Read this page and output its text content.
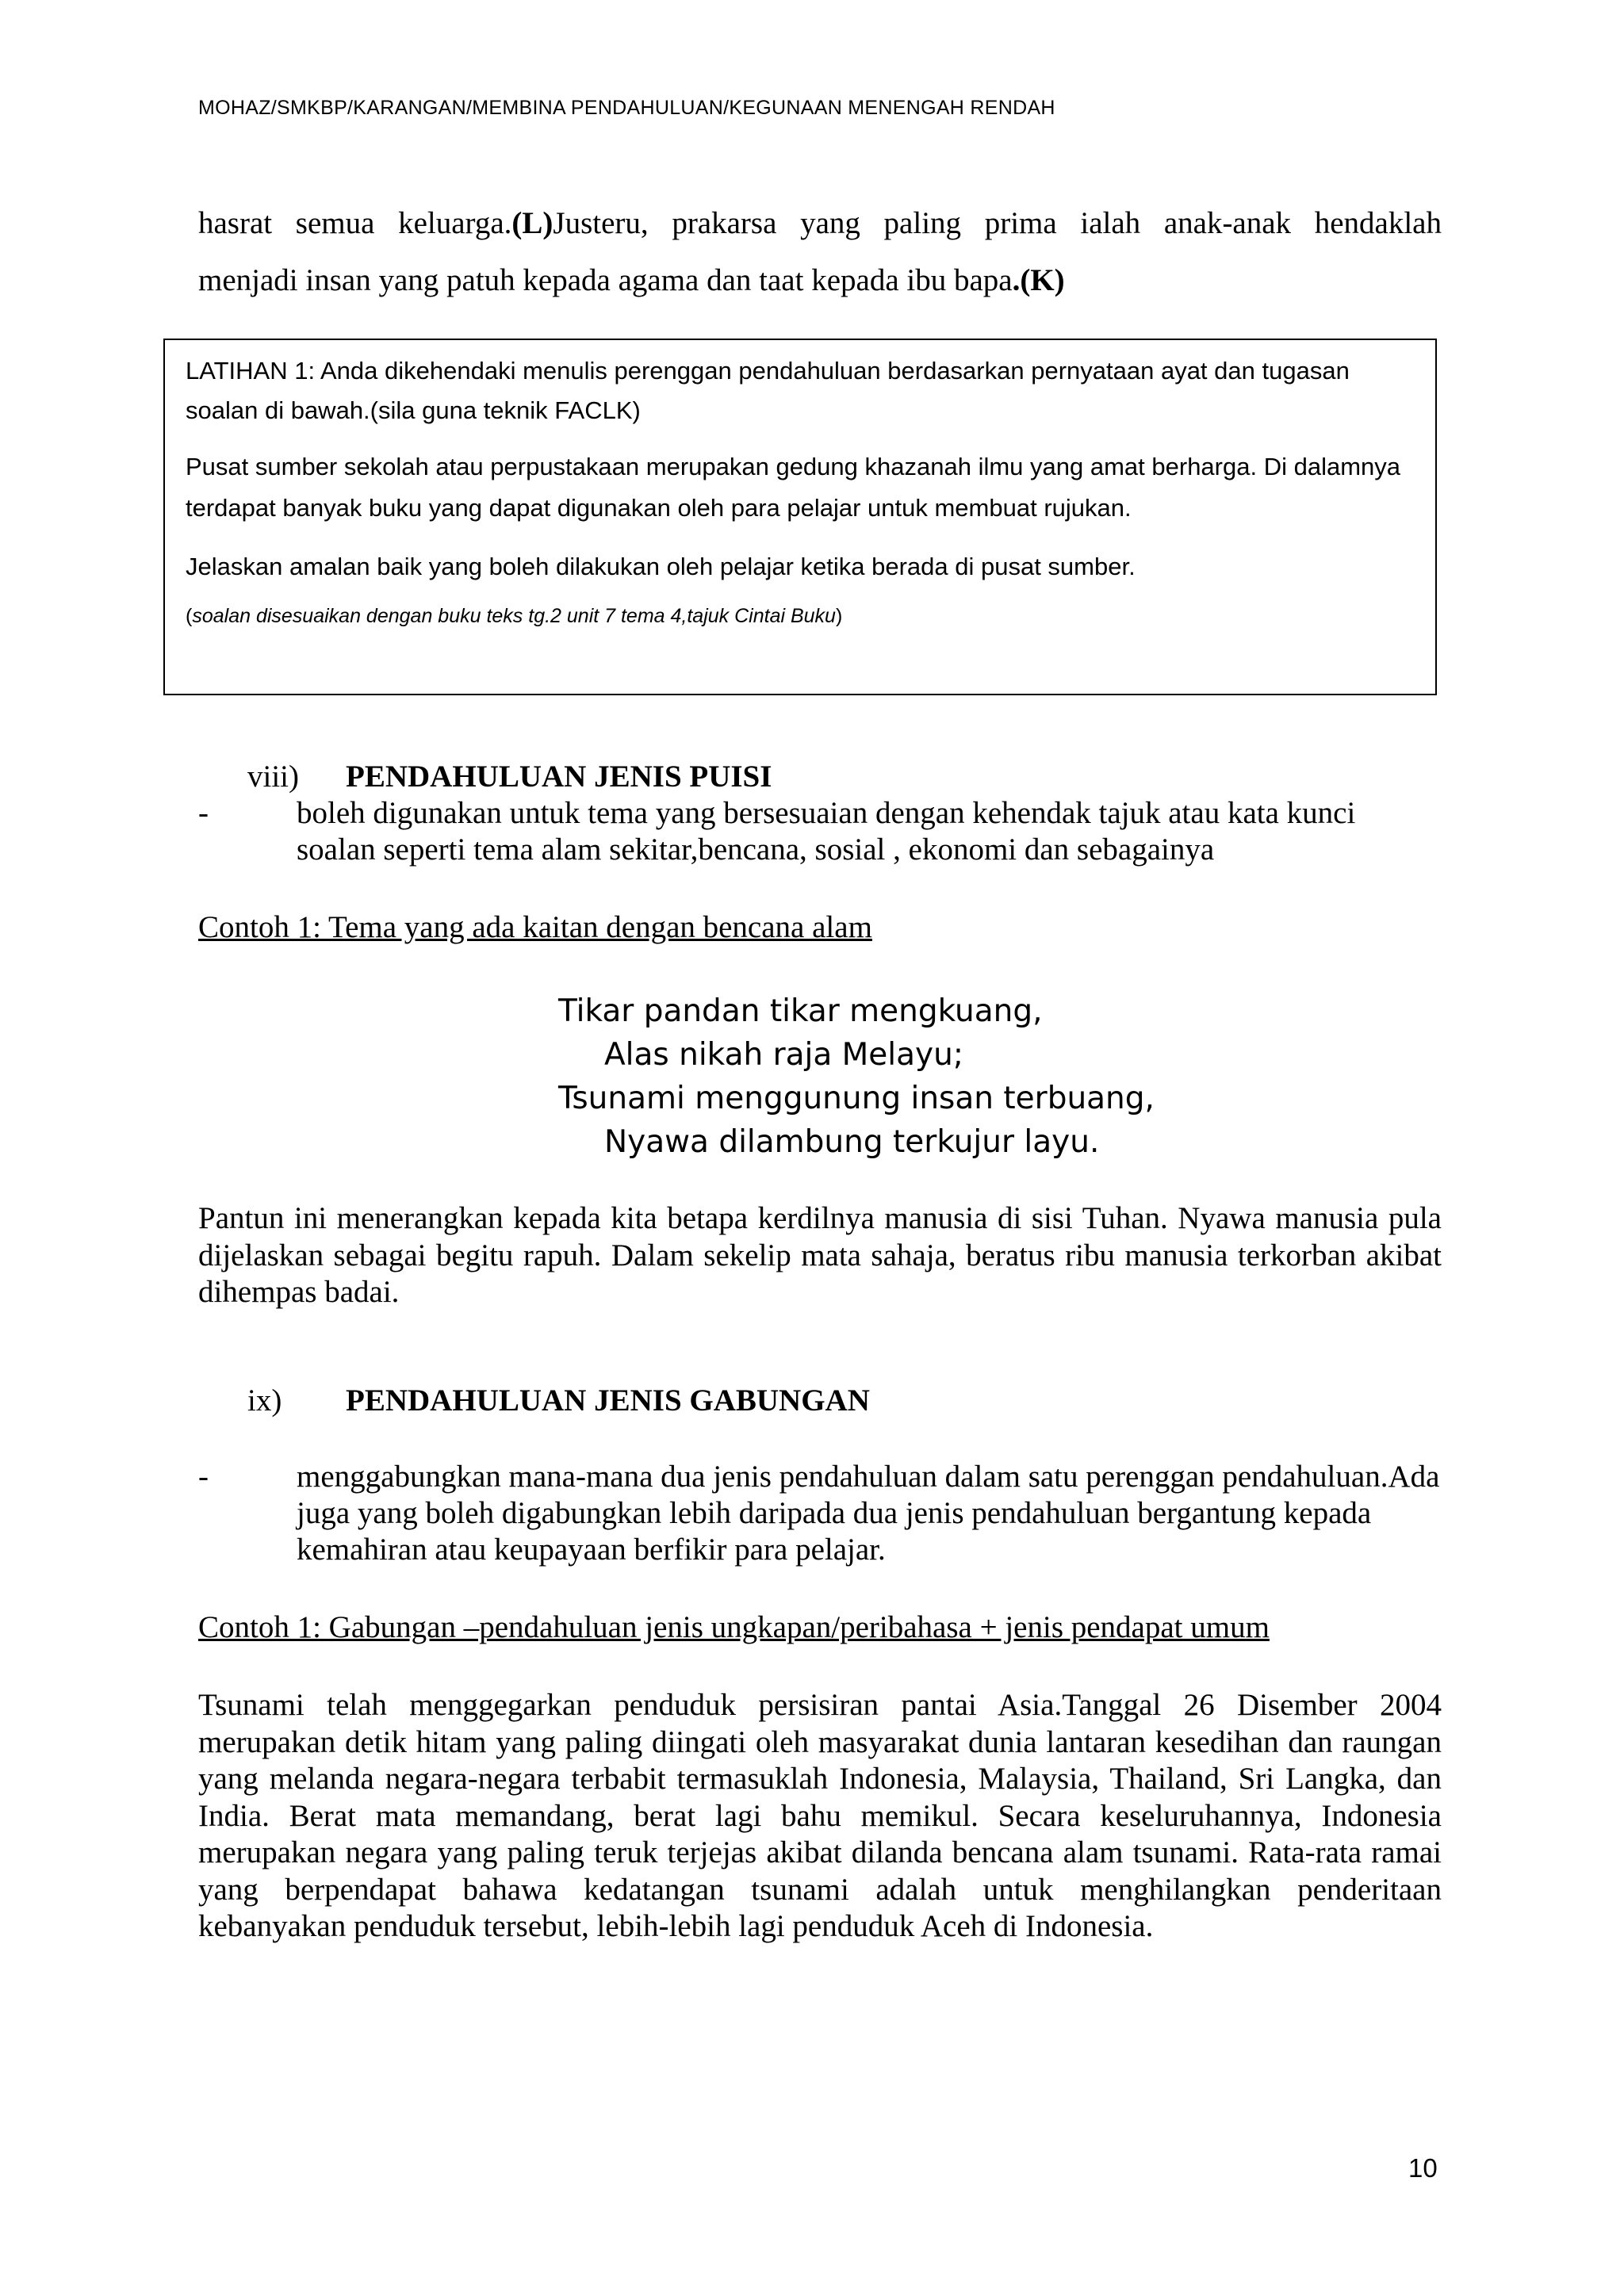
MOHAZ/SMKBP/KARANGAN/MEMBINA PENDAHULUAN/KEGUNAAN MENENGAH RENDAH

hasrat semua keluarga.(L)Justeru, prakarsa yang paling prima ialah anak-anak hendaklah

menjadi insan yang patuh kepada agama dan taat kepada ibu bapa.(K)

LATIHAN 1: Anda dikehendaki menulis perenggan pendahuluan berdasarkan pernyataan ayat dan tugasan soalan di bawah.(sila guna teknik FACLK)

Pusat sumber sekolah atau perpustakaan merupakan gedung khazanah ilmu yang amat berharga. Di dalamnya terdapat banyak buku yang dapat digunakan oleh para pelajar untuk membuat rujukan.

Jelaskan amalan baik yang boleh dilakukan oleh pelajar ketika berada di pusat sumber.

(soalan disesuaikan dengan buku teks tg.2 unit 7 tema 4,tajuk Cintai Buku)

viii)	PENDAHULUAN JENIS PUISI
-	boleh digunakan untuk tema yang bersesuaian dengan kehendak tajuk atau kata kunci soalan seperti tema alam sekitar,bencana, sosial , ekonomi dan sebagainya
Contoh 1: Tema yang ada kaitan dengan bencana alam
Tikar pandan tikar mengkuang,
Alas nikah raja Melayu;
Tsunami menggunung insan terbuang,
Nyawa dilambung terkujur layu.
Pantun ini menerangkan kepada kita betapa kerdilnya manusia di sisi Tuhan. Nyawa manusia pula dijelaskan sebagai begitu rapuh. Dalam sekelip mata sahaja, beratus ribu manusia terkorban akibat dihempas badai.
ix)	PENDAHULUAN JENIS GABUNGAN
-	menggabungkan mana-mana dua jenis pendahuluan dalam satu perenggan pendahuluan.Ada juga yang boleh digabungkan lebih daripada dua jenis pendahuluan bergantung kepada kemahiran atau keupayaan berfikir para pelajar.
Contoh 1: Gabungan –pendahuluan jenis ungkapan/peribahasa + jenis pendapat umum
Tsunami telah menggegarkan penduduk persisiran pantai Asia.Tanggal 26 Disember 2004 merupakan detik hitam yang paling diingati oleh masyarakat dunia lantaran kesedihan dan raungan yang melanda negara-negara terbabit termasuklah Indonesia, Malaysia, Thailand, Sri Langka, dan India. Berat mata memandang, berat lagi bahu memikul. Secara keseluruhannya, Indonesia merupakan negara yang paling teruk terjejas akibat dilanda bencana alam tsunami. Rata-rata ramai yang berpendapat bahawa kedatangan tsunami adalah untuk menghilangkan penderitaan kebanyakan penduduk tersebut, lebih-lebih lagi penduduk Aceh di Indonesia.
10
